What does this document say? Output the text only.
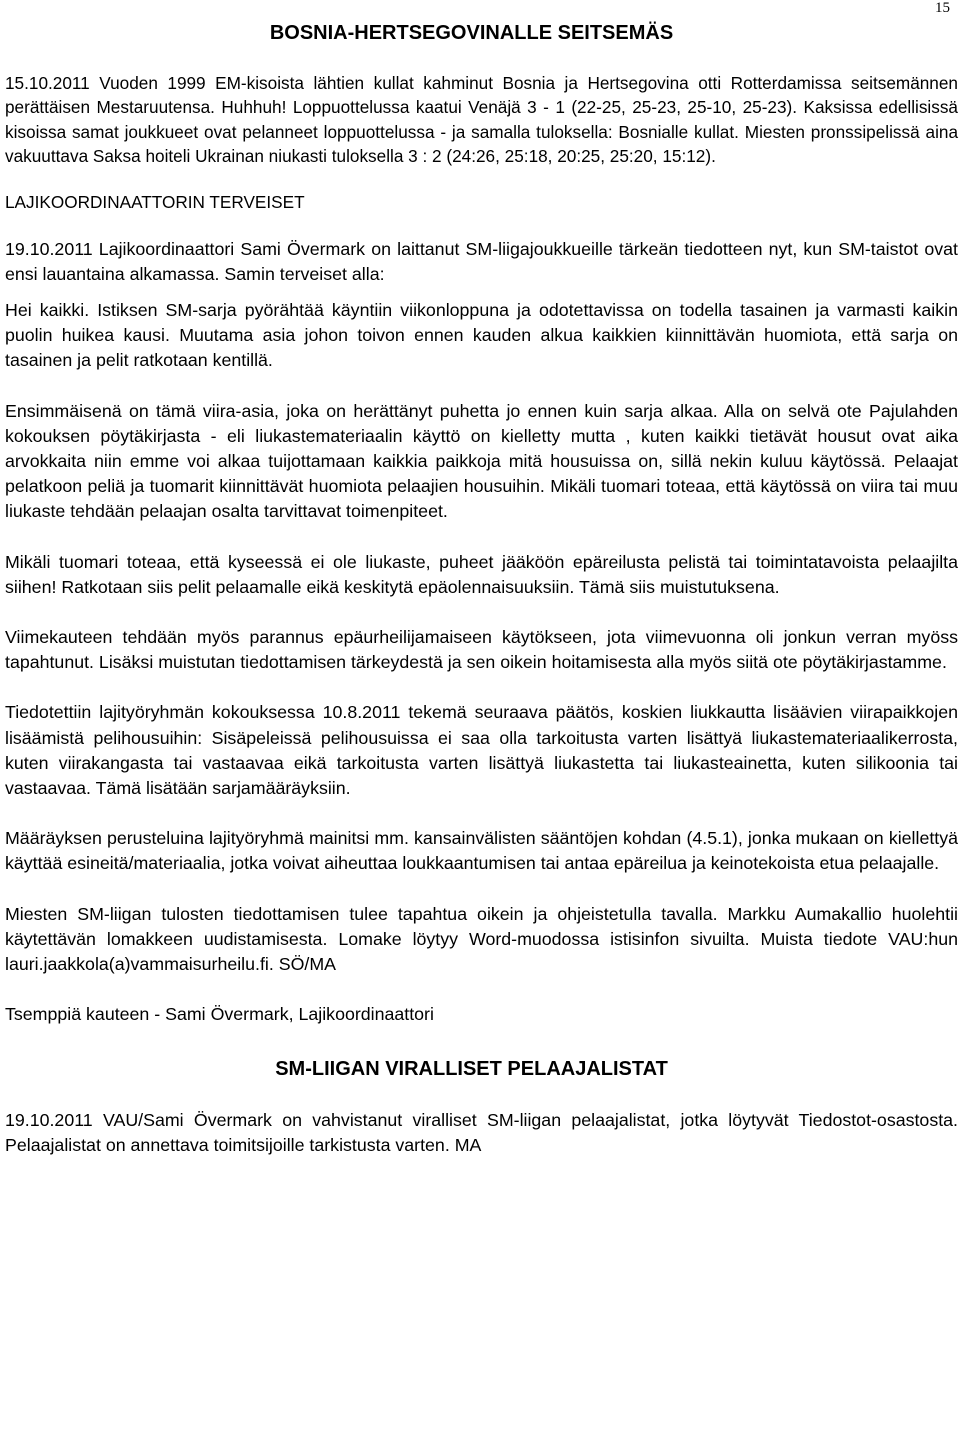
15
BOSNIA-HERTSEGOVINALLE SEITSEMÄS

15.10.2011 Vuoden 1999 EM-kisoista lähtien kullat kahminut Bosnia ja Hertsegovina otti Rotterdamissa seitsemännen perättäisen Mestaruutensa. Huhhuh! Loppuottelussa kaatui Venäjä 3 - 1 (22-25, 25-23, 25-10, 25-23). Kaksissa edellisissä kisoissa samat joukkueet ovat pelanneet loppuottelussa - ja samalla tuloksella: Bosnialle kullat. Miesten pronssipelissä aina vakuuttava Saksa hoiteli Ukrainan niukasti tuloksella 3 : 2 (24:26, 25:18, 20:25, 25:20, 15:12).

LAJIKOORDINAATTORIN TERVEISET

19.10.2011 Lajikoordinaattori Sami Övermark on laittanut SM-liigajoukkueille tärkeän tiedotteen nyt, kun SM-taistot ovat ensi lauantaina alkamassa. Samin terveiset alla:

Hei kaikki. Istiksen SM-sarja pyörähtää käyntiin viikonloppuna ja odotettavissa on todella tasainen ja varmasti kaikin puolin huikea kausi. Muutama asia johon toivon ennen kauden alkua kaikkien kiinnittävän huomiota, että sarja on tasainen ja pelit ratkotaan kentillä.

Ensimmäisenä on tämä viira-asia, joka on herättänyt puhetta jo ennen kuin sarja alkaa. Alla on selvä ote Pajulahden kokouksen pöytäkirjasta - eli liukastemateriaalin käyttö on kielletty mutta , kuten kaikki tietävät housut ovat aika arvokkaita niin emme voi alkaa tuijottamaan kaikkia paikkoja mitä housuissa on, sillä nekin kuluu käytössä. Pelaajat pelatkoon peliä ja tuomarit kiinnittävät huomiota pelaajien housuihin. Mikäli tuomari toteaa, että käytössä on viira tai muu liukaste tehdään pelaajan osalta tarvittavat toimenpiteet.

Mikäli tuomari toteaa, että kyseessä ei ole liukaste, puheet jääköön epäreilusta pelistä tai toimintatavoista pelaajilta siihen! Ratkotaan siis pelit pelaamalle eikä keskitytä epäolennaisuuksiin. Tämä siis muistutuksena.

Viimekauteen tehdään myös parannus epäurheilijamaiseen käytökseen, jota viimevuonna oli jonkun verran myöss tapahtunut. Lisäksi muistutan tiedottamisen tärkeydestä ja sen oikein hoitamisesta alla myös siitä ote pöytäkirjastamme.

Tiedotettiin lajityöryhmän kokouksessa 10.8.2011 tekemä seuraava päätös, koskien liukkautta lisäävien viirapaikkojen lisäämistä pelihousuihin: Sisäpeleissä pelihousuissa ei saa olla tarkoitusta varten lisättyä liukastemateriaalikerrosta, kuten viirakangasta tai vastaavaa eikä tarkoitusta varten lisättyä liukastetta tai liukasteainetta, kuten silikoonia tai vastaavaa. Tämä lisätään sarjamääräyksiin.

Määräyksen perusteluina lajityöryhmä mainitsi mm. kansainvälisten sääntöjen kohdan (4.5.1), jonka mukaan on kiellettyä käyttää esineitä/materiaalia, jotka voivat aiheuttaa loukkaantumisen tai antaa epäreilua ja keinotekoista etua pelaajalle.

Miesten SM-liigan tulosten tiedottamisen tulee tapahtua oikein ja ohjeistetulla tavalla. Markku Aumakallio huolehtii käytettävän lomakkeen uudistamisesta. Lomake löytyy Word-muodossa istisinfon sivuilta. Muista tiedote VAU:hun lauri.jaakkola(a)vammaisurheilu.fi. SÖ/MA

Tsemppiä kauteen - Sami Övermark, Lajikoordinaattori

SM-LIIGAN VIRALLISET PELAAJALISTAT

19.10.2011 VAU/Sami Övermark on vahvistanut viralliset SM-liigan pelaajalistat, jotka löytyvät Tiedostot-osastosta. Pelaajalistat on annettava toimitsijoille tarkistusta varten. MA
